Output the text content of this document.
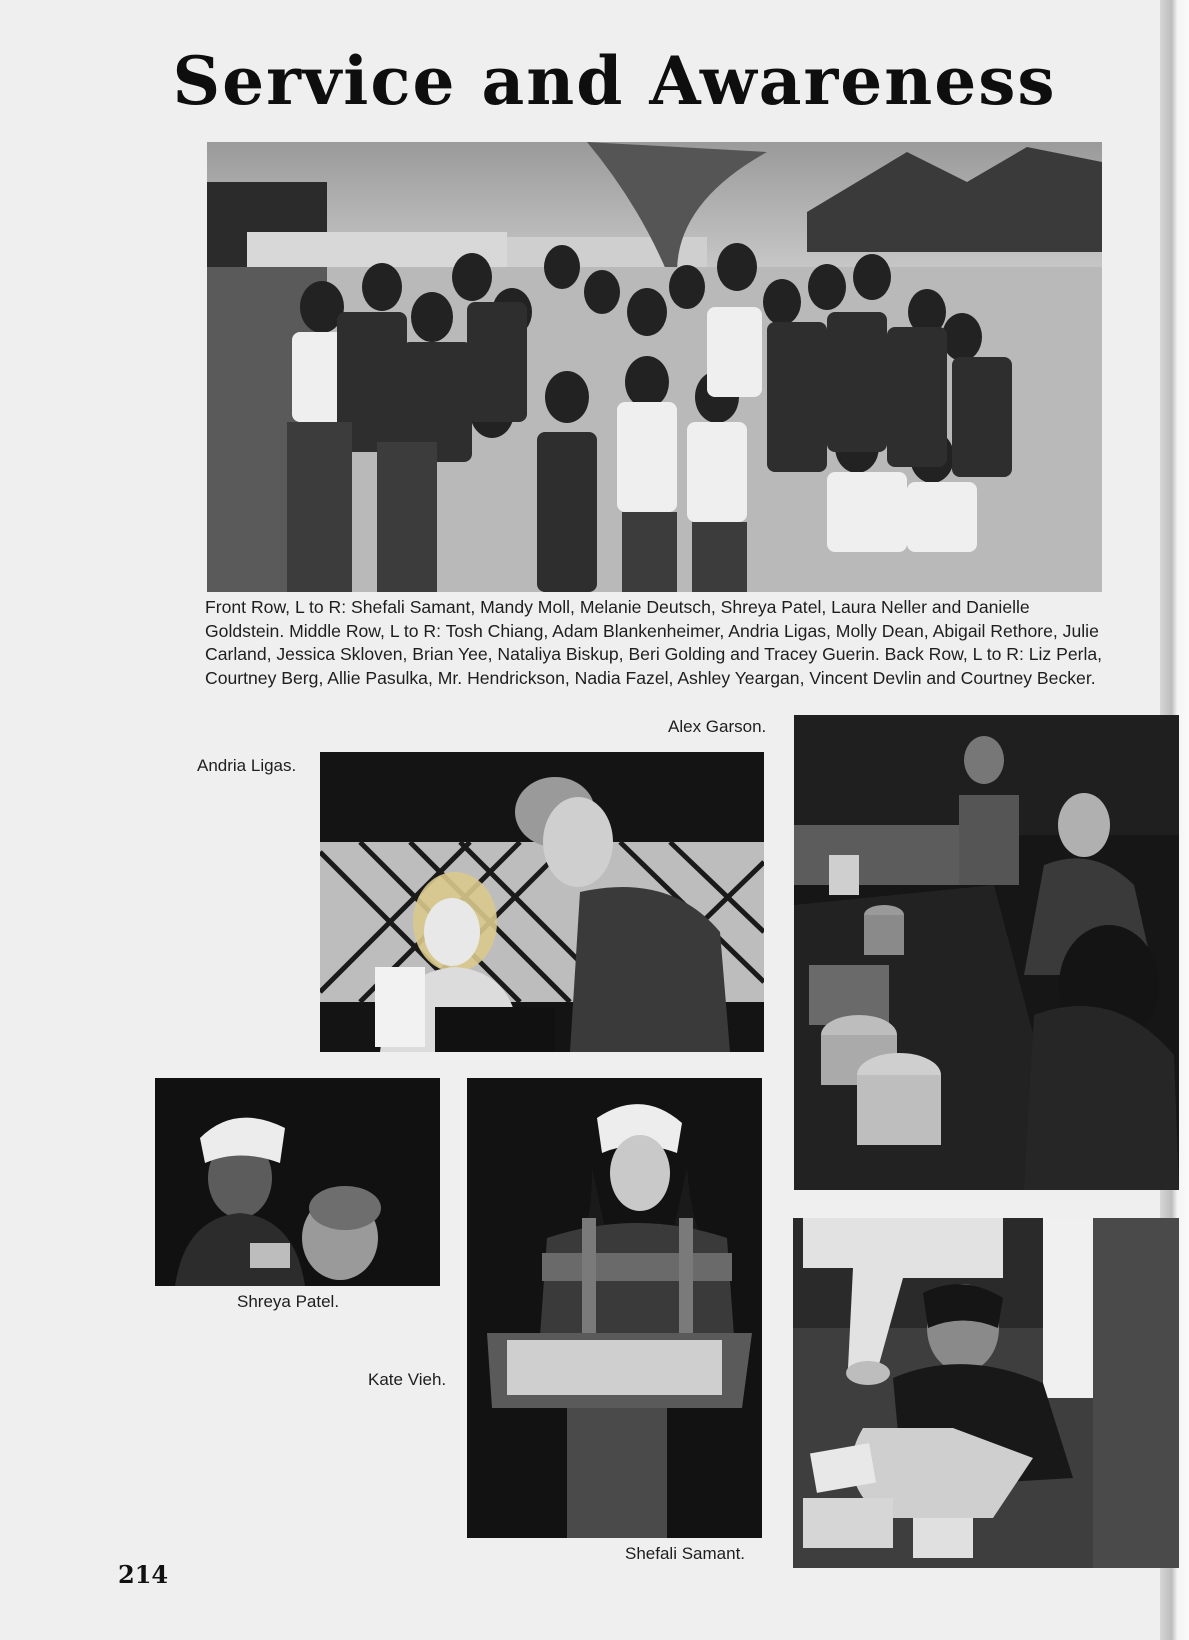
Service and Awareness
Front Row, L to R: Shefali Samant, Mandy Moll, Melanie Deutsch, Shreya Patel, Laura Neller and Danielle Goldstein. Middle Row, L to R: Tosh Chiang, Adam Blankenheimer, Andria Ligas, Molly Dean, Abigail Rethore, Julie Carland, Jessica Skloven, Brian Yee, Nataliya Biskup, Beri Golding and Tracey Guerin. Back Row, L to R: Liz Perla, Courtney Berg, Allie Pasulka, Mr. Hendrickson, Nadia Fazel, Ashley Yeargan, Vincent Devlin and Courtney Becker.
Andria Ligas.
Alex Garson.
Shreya Patel.
Kate Vieh.
Shefali Samant.
214
